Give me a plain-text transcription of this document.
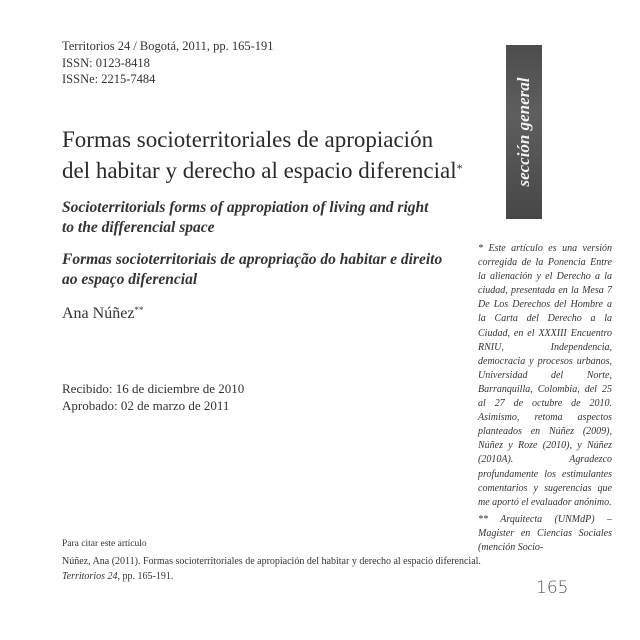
Territorios 24 / Bogotá, 2011, pp. 165-191
ISSN: 0123-8418
ISSNe: 2215-7484	sección general
Formas socioterritoriales de apropiación
del habitar y derecho al espacio diferencial*
Socioterritorials forms of appropiation of living and right
to the differencial space
Formas socioterritoriais de apropriação do habitar e direito
ao espaço diferencial
Ana Núñez**
Recibido: 16 de diciembre de 2010
Aprobado: 02 de marzo de 2011

* Este artículo es una versión corregida de la Ponencia Entre la alienación y el Derecho a la ciudad, presentada en la Mesa 7 De Los Derechos del Hombre a la Carta del Derecho a la Ciudad, en el XXXIII Encuentro RNIU, Independencia, democracia y procesos urbanos, Universidad del Norte, Barranquilla, Colombia, del 25 al 27 de octubre de 2010. Asimismo, retoma aspectos planteados en Núñez (2009), Núñez y Roze (2010), y Núñez (2010A). Agradezco profundamente los estimulantes comentarios y sugerencias que me aportó el evaluador anónimo.

** Arquitecta (UNMdP) – Magister en Ciencias Sociales (mención Socio-

Para citar este artículo
Núñez, Ana (2011). Formas socioterritoriales de apropiación del habitar y derecho al espacio diferencial.
Territorios 24, pp. 165-191.
165
